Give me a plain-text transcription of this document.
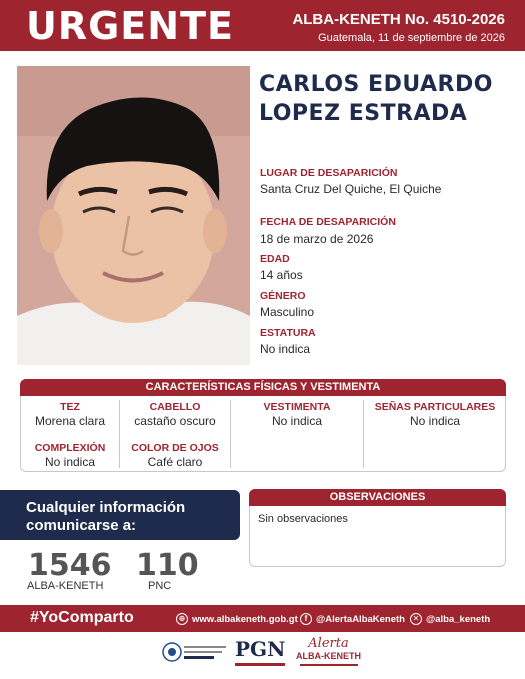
URGENTE	ALBA-KENETH No. 4510-2026
Guatemala, 11 de septiembre de 2026
CARLOS EDUARDO
LOPEZ ESTRADA
LUGAR DE DESAPARICIÓN
Santa Cruz Del Quiche, El Quiche
FECHA DE DESAPARICIÓN
18 de marzo de 2026
EDAD
14 años
GÉNERO
Masculino
ESTATURA
No indica
CARACTERÍSTICAS FÍSICAS Y VESTIMENTA
TEZ
Morena clara
CABELLO
castaño oscuro
VESTIMENTA
No indica
SEÑAS PARTICULARES
No indica
COMPLEXIÓN
No indica
COLOR DE OJOS
Café claro
Cualquier información
comunicarse a:
1546
ALBA-KENETH
110
PNC
OBSERVACIONES
Sin observaciones
#YoComparto	⊕ www.albakeneth.gob.gt f @AlertaAlbaKeneth ✕ @alba_keneth
PGN	Alerta
ALBA-KENETH
